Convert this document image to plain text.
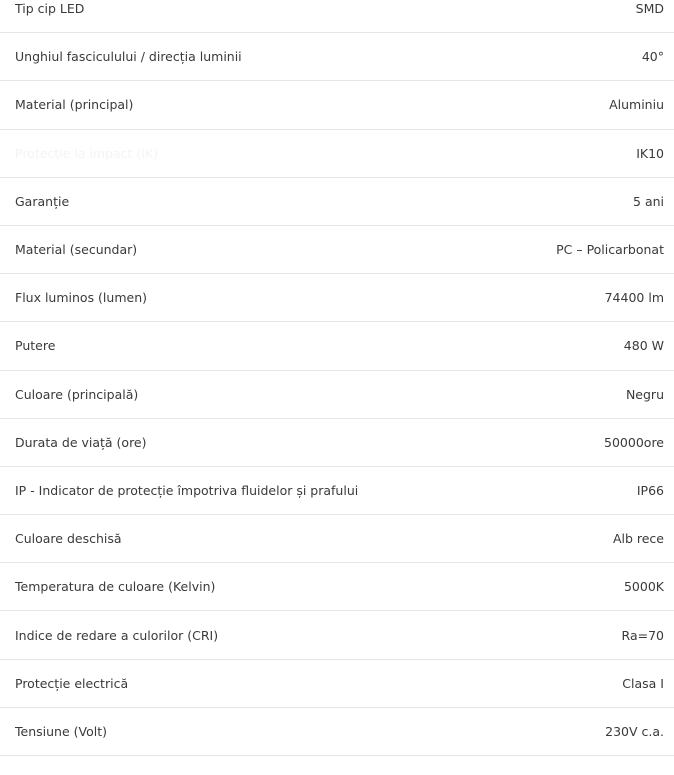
Tip cip LED	SMD
Unghiul fasciculului / direcția luminii	40°
Material (principal)	Aluminiu
Protecție la impact (IK)	IK10
Garanție	5 ani
Material (secundar)	PC – Policarbonat
Flux luminos (lumen)	74400 lm
Putere	480 W
Culoare (principală)	Negru
Durata de viață (ore)	50000ore
IP - Indicator de protecție împotriva fluidelor și prafului	IP66
Culoare deschisă	Alb rece
Temperatura de culoare (Kelvin)	5000K
Indice de redare a culorilor (CRI)	Ra=70
Protecție electrică	Clasa I
Tensiune (Volt)	230V c.a.
